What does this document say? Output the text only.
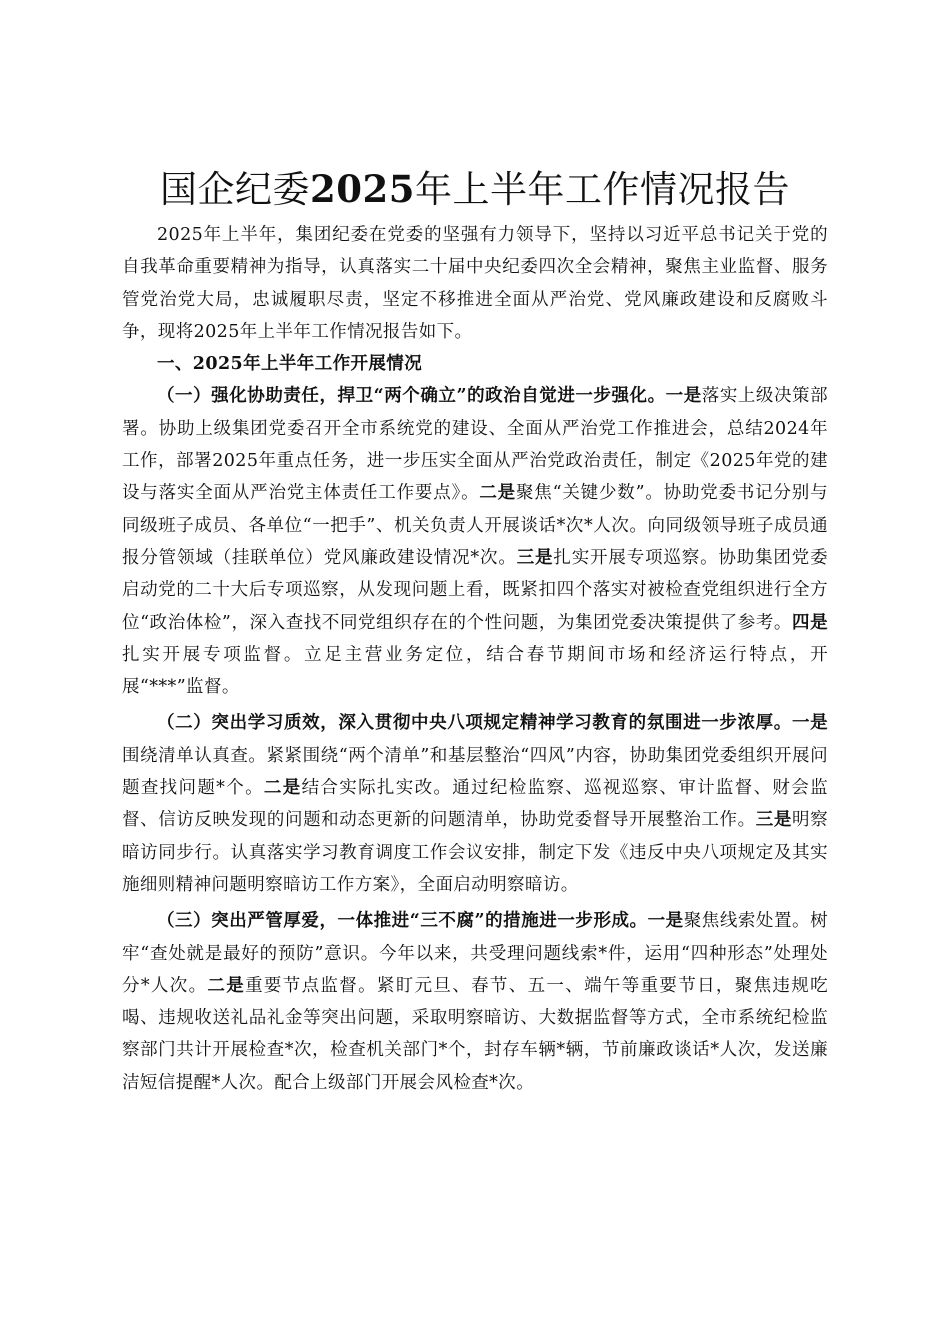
国企纪委2025年上半年工作情况报告

2025年上半年，集团纪委在党委的坚强有力领导下，坚持以习近平总书记关于党的自我革命重要精神为指导，认真落实二十届中央纪委四次全会精神，聚焦主业监督、服务管党治党大局，忠诚履职尽责，坚定不移推进全面从严治党、党风廉政建设和反腐败斗争，现将2025年上半年工作情况报告如下。

一、2025年上半年工作开展情况

（一）强化协助责任，捍卫“两个确立”的政治自觉进一步强化。一是落实上级决策部署。协助上级集团党委召开全市系统党的建设、全面从严治党工作推进会，总结2024年工作，部署2025年重点任务，进一步压实全面从严治党政治责任，制定《2025年党的建设与落实全面从严治党主体责任工作要点》。二是聚焦“关键少数”。协助党委书记分别与同级班子成员、各单位“一把手”、机关负责人开展谈话*次*人次。向同级领导班子成员通报分管领域（挂联单位）党风廉政建设情况*次。三是扎实开展专项巡察。协助集团党委启动党的二十大后专项巡察，从发现问题上看，既紧扣四个落实对被检查党组织进行全方位“政治体检”，深入查找不同党组织存在的个性问题，为集团党委决策提供了参考。四是扎实开展专项监督。立足主营业务定位，结合春节期间市场和经济运行特点，开展“***”监督。

（二）突出学习质效，深入贯彻中央八项规定精神学习教育的氛围进一步浓厚。一是围绕清单认真查。紧紧围绕“两个清单”和基层整治“四风”内容，协助集团党委组织开展问题查找问题*个。二是结合实际扎实改。通过纪检监察、巡视巡察、审计监督、财会监督、信访反映发现的问题和动态更新的问题清单，协助党委督导开展整治工作。三是明察暗访同步行。认真落实学习教育调度工作会议安排，制定下发《违反中央八项规定及其实施细则精神问题明察暗访工作方案》，全面启动明察暗访。

（三）突出严管厚爱，一体推进“三不腐”的措施进一步形成。一是聚焦线索处置。树牢“查处就是最好的预防”意识。今年以来，共受理问题线索*件，运用“四种形态”处理处分*人次。二是重要节点监督。紧盯元旦、春节、五一、端午等重要节日，聚焦违规吃喝、违规收送礼品礼金等突出问题，采取明察暗访、大数据监督等方式，全市系统纪检监察部门共计开展检查*次，检查机关部门*个，封存车辆*辆，节前廉政谈话*人次，发送廉洁短信提醒*人次。配合上级部门开展会风检查*次。
